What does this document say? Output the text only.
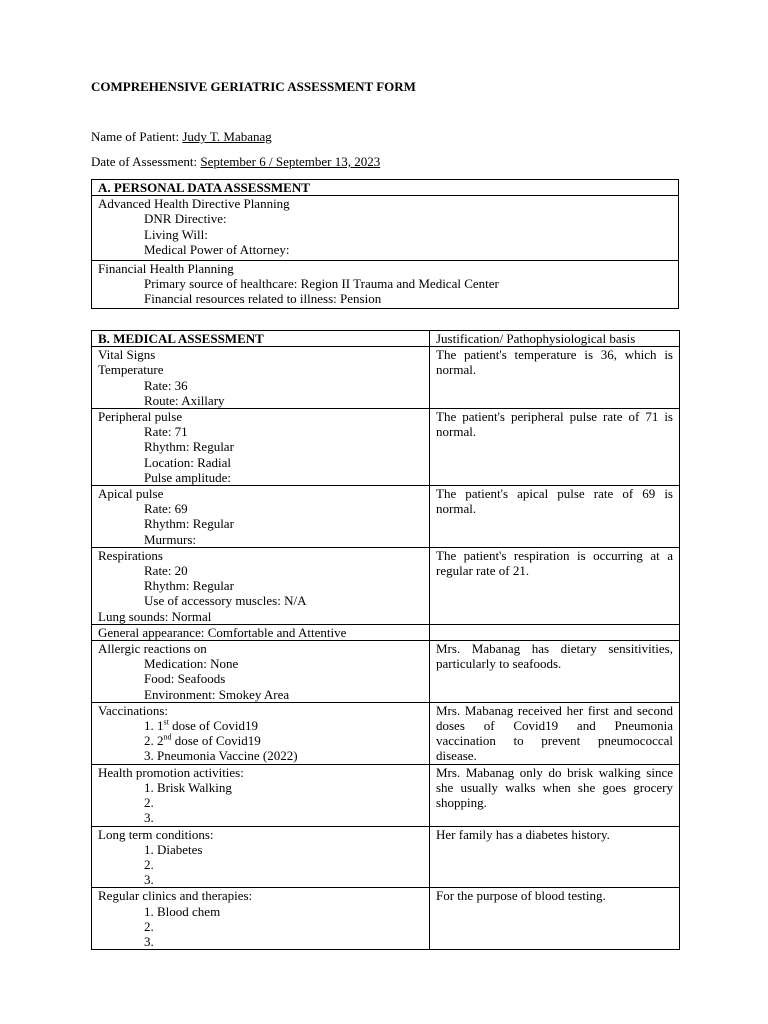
COMPREHENSIVE GERIATRIC ASSESSMENT FORM
Name of Patient: Judy T. Mabanag
Date of Assessment: September 6 / September 13, 2023
A. PERSONAL DATA ASSESSMENT

Advanced Health Directive Planning
DNR Directive:
Living Will:
Medical Power of Attorney:

Financial Health Planning
Primary source of healthcare: Region II Trauma and Medical Center
Financial resources related to illness: Pension
B. MEDICAL ASSESSMENT	Justification/ Pathophysiological basis

Vital Signs
Temperature
Rate: 36
Route: Axillary	The patient's temperature is 36, which is normal.

Peripheral pulse
Rate: 71
Rhythm: Regular
Location: Radial
Pulse amplitude:	The patient's peripheral pulse rate of 71 is normal.

Apical pulse
Rate: 69
Rhythm: Regular
Murmurs:	The patient's apical pulse rate of 69 is normal.

Respirations
Rate: 20
Rhythm: Regular
Use of accessory muscles: N/A
Lung sounds: Normal	The patient's respiration is occurring at a regular rate of 21.
General appearance: Comfortable and Attentive	

Allergic reactions on
Medication: None
Food: Seafoods
Environment: Smokey Area	Mrs. Mabanag has dietary sensitivities, particularly to seafoods.

Vaccinations:
1. 1st dose of Covid19
2. 2nd dose of Covid19
3. Pneumonia Vaccine (2022)	Mrs. Mabanag received her first and second doses of Covid19 and Pneumonia vaccination to prevent pneumococcal disease.

Health promotion activities:
1. Brisk Walking
2.
3.	Mrs. Mabanag only do brisk walking since she usually walks when she goes grocery shopping.

Long term conditions:
1. Diabetes
2.
3.	Her family has a diabetes history.

Regular clinics and therapies:
1. Blood chem
2.
3.	For the purpose of blood testing.
